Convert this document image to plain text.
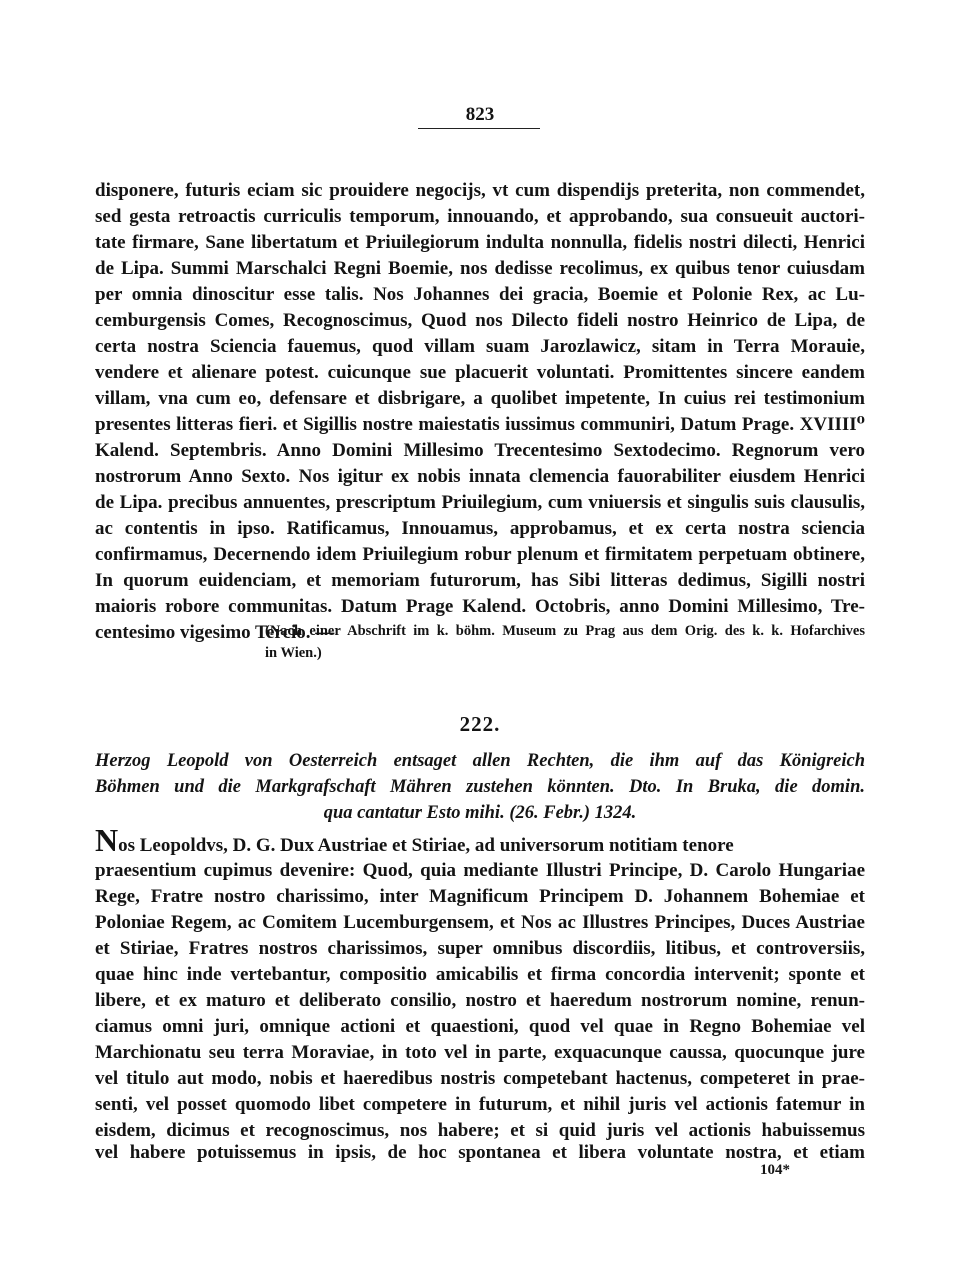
823
disponere, futuris eciam sic prouidere negocijs, vt cum dispendijs preterita, non commendet,
sed gesta retroactis curriculis temporum, innouando, et approbando, sua consueuit auctori-
tate firmare, Sane libertatum et Priuilegiorum indulta nonnulla, fidelis nostri dilecti, Henrici
de Lipa. Summi Marschalci Regni Boemie, nos dedisse recolimus, ex quibus tenor cuiusdam
per omnia dinoscitur esse talis. Nos Johannes dei gracia, Boemie et Polonie Rex, ac Lu-
cemburgensis Comes, Recognoscimus, Quod nos Dilecto fideli nostro Heinrico de Lipa, de
certa nostra Sciencia fauemus, quod villam suam Jarozlawicz, sitam in Terra Morauie,
vendere et alienare potest. cuicunque sue placuerit voluntati. Promittentes sincere eandem
villam, vna cum eo, defensare et disbrigare, a quolibet impetente, In cuius rei testimonium
presentes litteras fieri. et Sigillis nostre maiestatis iussimus communiri, Datum Prage. XVIIII⁰
Kalend. Septembris. Anno Domini Millesimo Trecentesimo Sextodecimo. Regnorum vero
nostrorum Anno Sexto. Nos igitur ex nobis innata clemencia fauorabiliter eiusdem Henrici
de Lipa. precibus annuentes, prescriptum Priuilegium, cum vniuersis et singulis suis clausulis,
ac contentis in ipso. Ratificamus, Innouamus, approbamus, et ex certa nostra sciencia
confirmamus, Decernendo idem Priuilegium robur plenum et firmitatem perpetuam obtinere,
In quorum euidenciam, et memoriam futurorum, has Sibi litteras dedimus, Sigilli nostri
maioris robore communitas. Datum Prage Kalend. Octobris, anno Domini Millesimo, Tre-
centesimo vigesimo Tercio. —
(Nach einer Abschrift im k. böhm. Museum zu Prag aus dem Orig. des k. k. Hofarchives
in Wien.)
222.
Herzog Leopold von Oesterreich entsaget allen Rechten, die ihm auf das Königreich
Böhmen und die Markgrafschaft Mähren zustehen könnten. Dto. In Bruka, die domin.
qua cantatur Esto mihi. (26. Febr.) 1324.
Nos Leopoldvs, D. G. Dux Austriae et Stiriae, ad universorum notitiam tenore
praesentium cupimus devenire: Quod, quia mediante Illustri Principe, D. Carolo Hungariae
Rege, Fratre nostro charissimo, inter Magnificum Principem D. Johannem Bohemiae et
Poloniae Regem, ac Comitem Lucemburgensem, et Nos ac Illustres Principes, Duces Austriae
et Stiriae, Fratres nostros charissimos, super omnibus discordiis, litibus, et controversiis,
quae hinc inde vertebantur, compositio amicabilis et firma concordia intervenit; sponte et
libere, et ex maturo et deliberato consilio, nostro et haeredum nostrorum nomine, renun-
ciamus omni juri, omnique actioni et quaestioni, quod vel quae in Regno Bohemiae vel
Marchionatu seu terra Moraviae, in toto vel in parte, exquacunque caussa, quocunque jure
vel titulo aut modo, nobis et haeredibus nostris competebant hactenus, competeret in prae-
senti, vel posset quomodo libet competere in futurum, et nihil juris vel actionis fatemur in
eisdem, dicimus et recognoscimus, nos habere; et si quid juris vel actionis habuissemus
vel habere potuissemus in ipsis, de hoc spontanea et libera voluntate nostra, et etiam
104*
